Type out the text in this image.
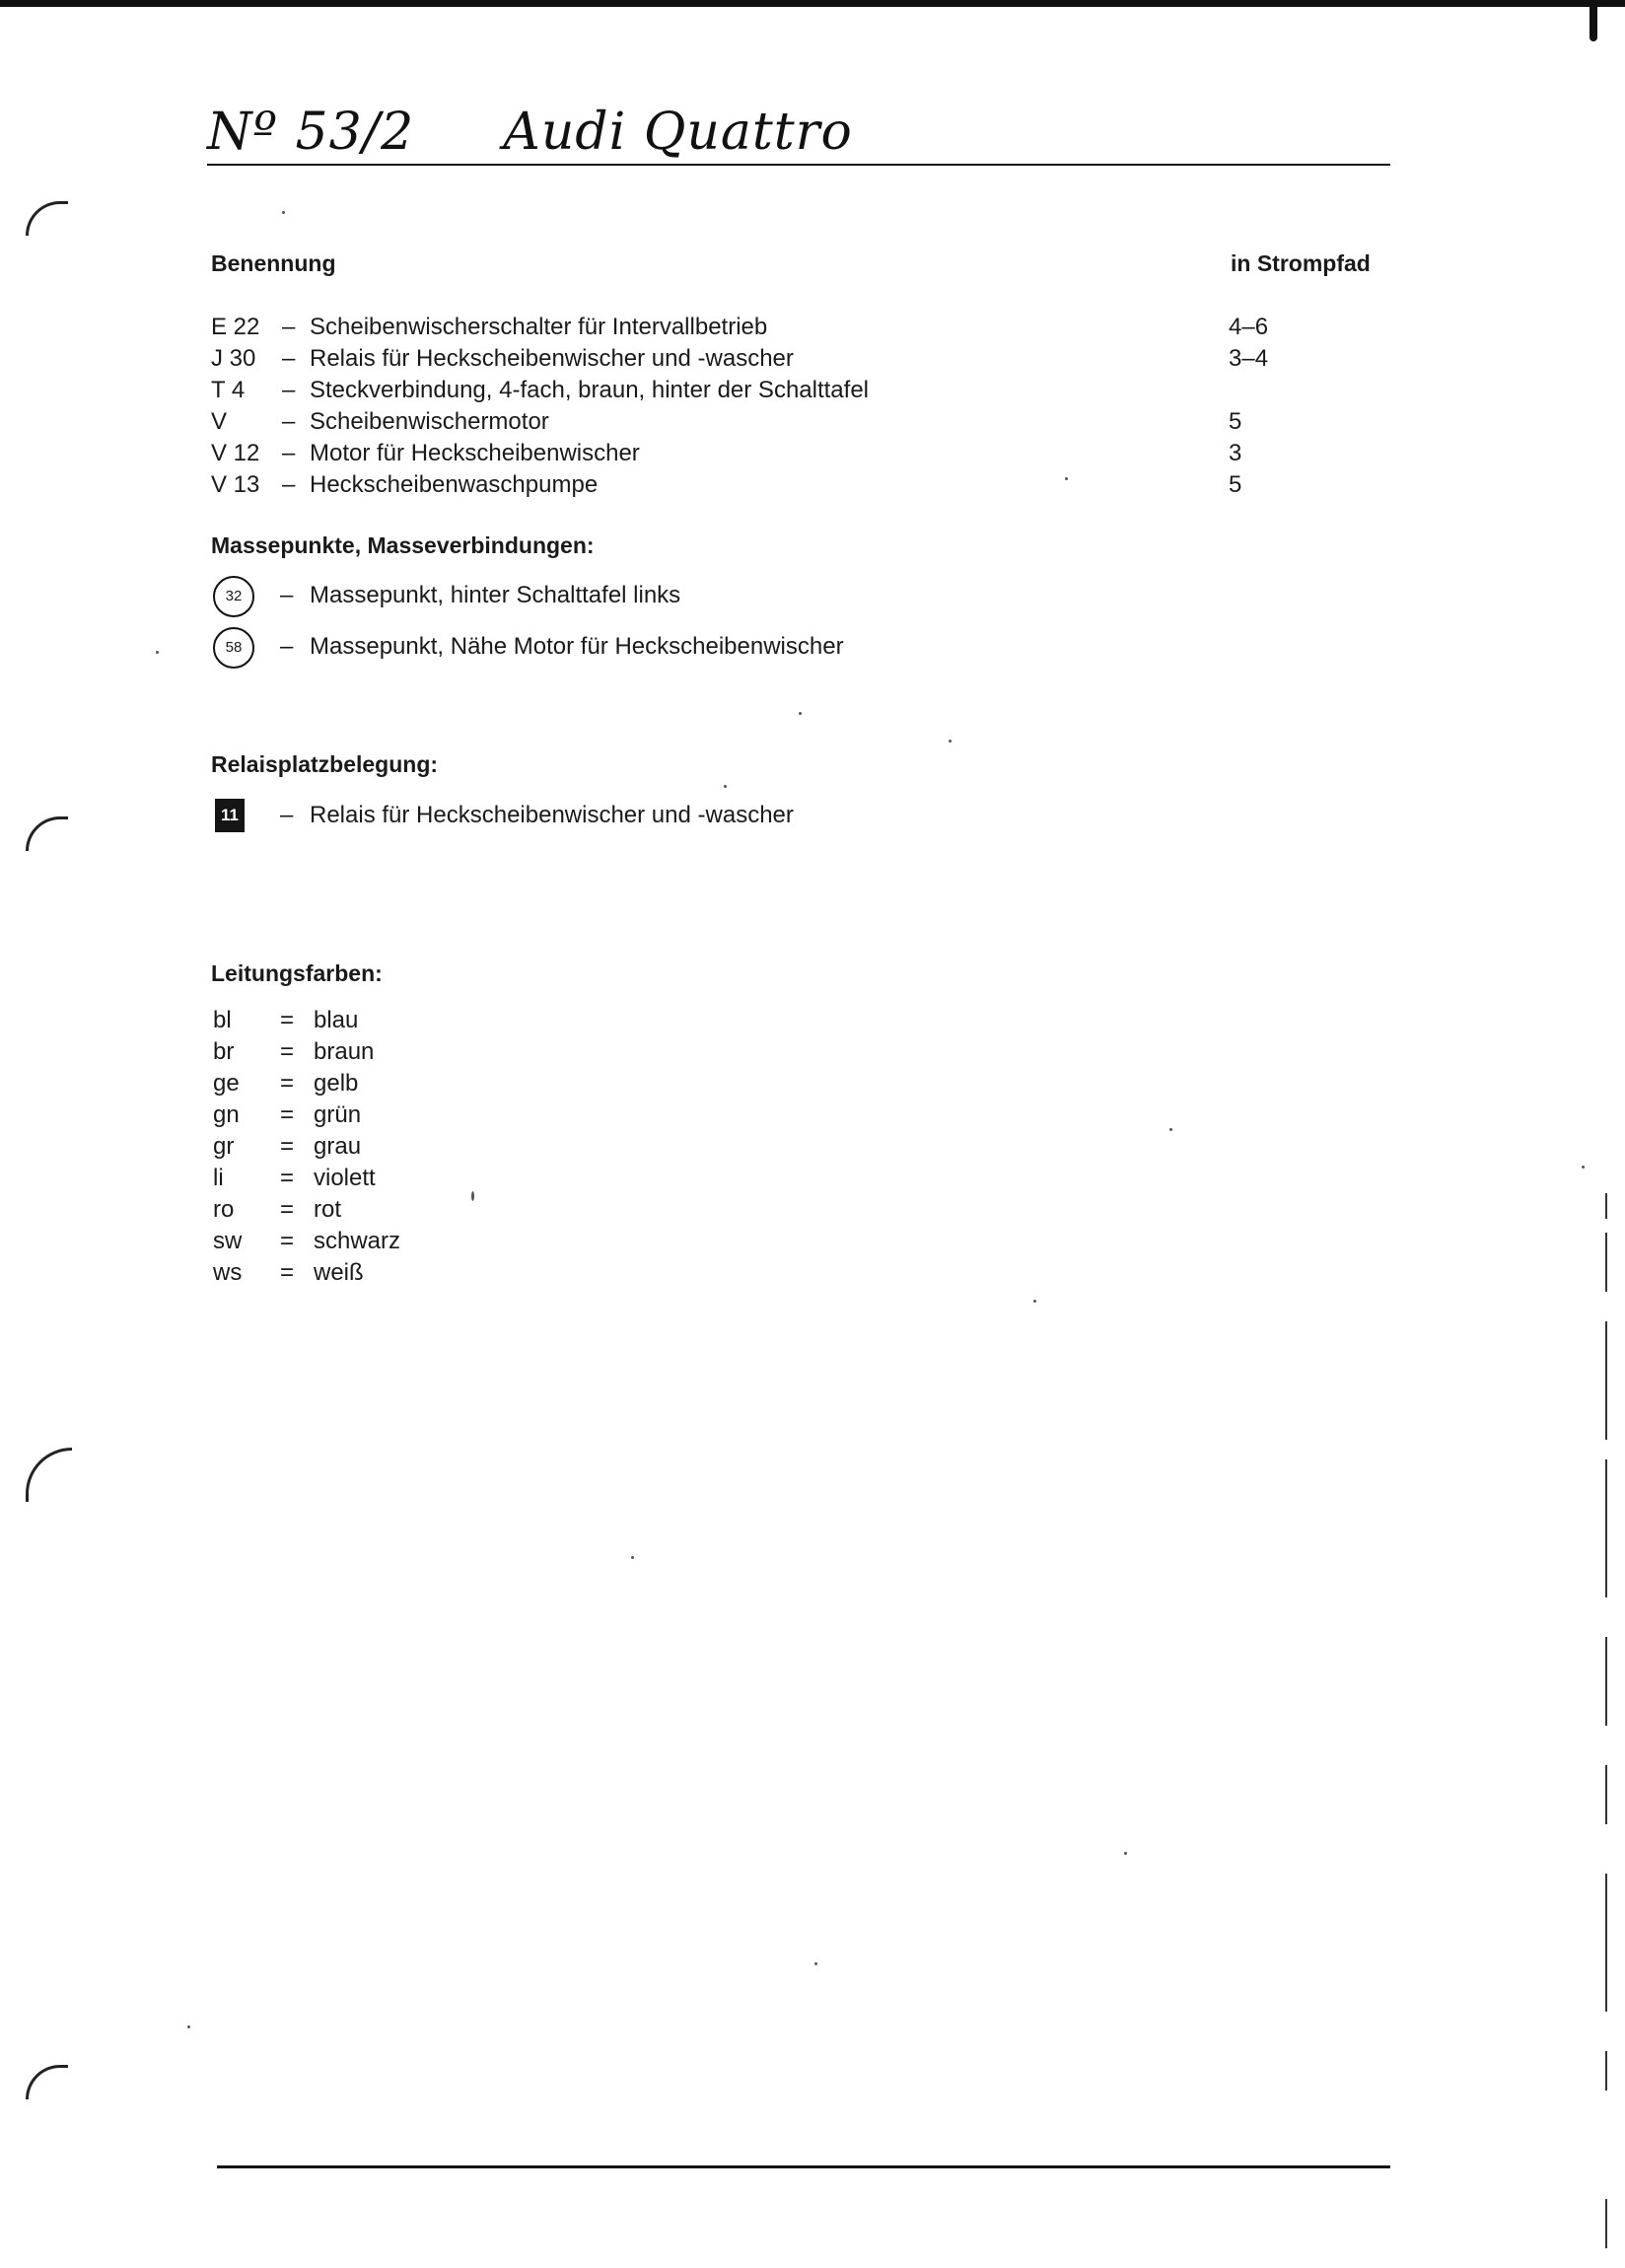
Nº 53/2 Audi Quattro
Benennung	in Strompfad
E 22 – Scheibenwischerschalter für Intervallbetrieb	4–6
J 30 – Relais für Heckscheibenwischer und -wascher	3–4
T 4 – Steckverbindung, 4-fach, braun, hinter der Schalttafel
V – Scheibenwischermotor	5
V 12 – Motor für Heckscheibenwischer	3
V 13 – Heckscheibenwaschpumpe	5
Massepunkte, Masseverbindungen:
32	– Massepunkt, hinter Schalttafel links
58	– Massepunkt, Nähe Motor für Heckscheibenwischer
Relaisplatzbelegung:
11 – Relais für Heckscheibenwischer und -wascher
Leitungsfarben:
bl = blau
br = braun
ge = gelb
gn = grün
gr = grau
li = violett
ro = rot
sw = schwarz
ws = weiß
